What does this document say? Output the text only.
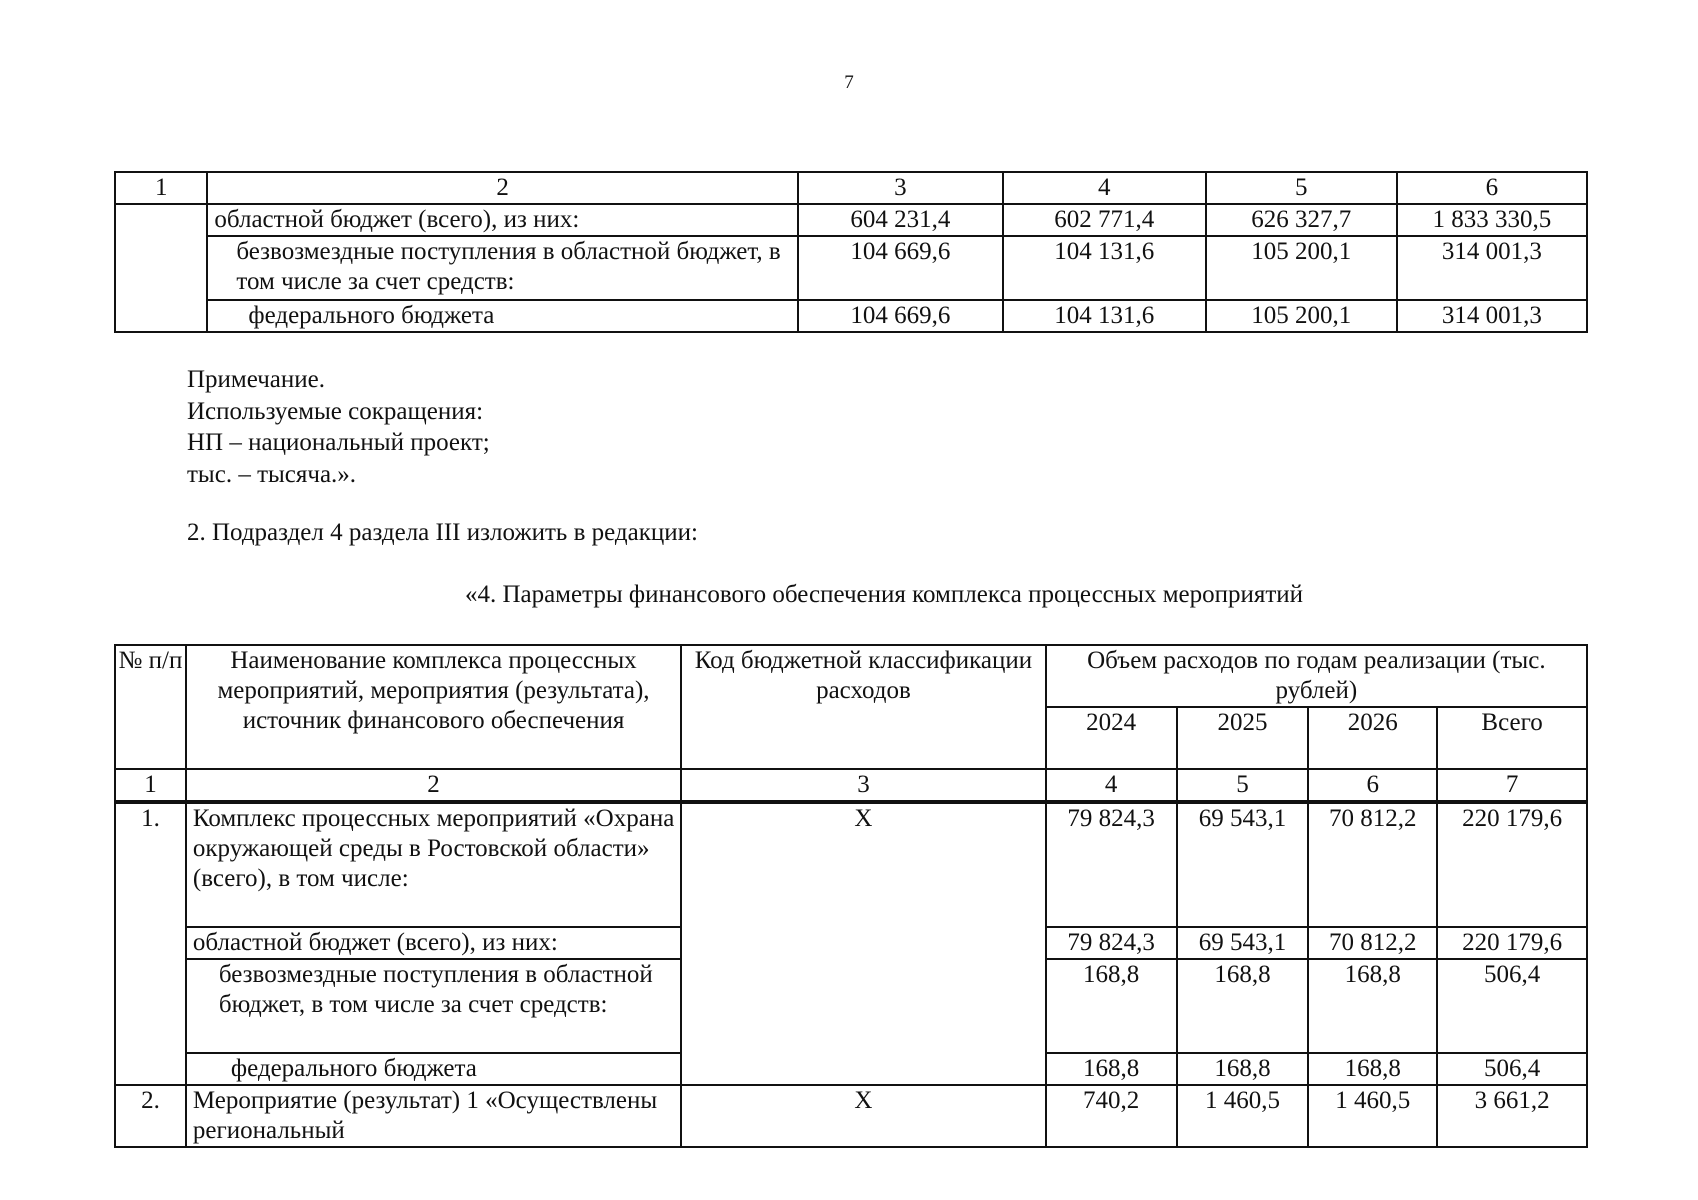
7
1	2	3	4	5	6
	областной бюджет (всего), из них:	604 231,4	602 771,4	626 327,7	1 833 330,5
	безвозмездные поступления в областной бюджет, в том числе за счет средств:	104 669,6	104 131,6	105 200,1	314 001,3
	федерального бюджета	104 669,6	104 131,6	105 200,1	314 001,3
Примечание.
Используемые сокращения:
НП – национальный проект;
тыс. – тысяча.».
2. Подраздел 4 раздела III изложить в редакции:
«4. Параметры финансового обеспечения комплекса процессных мероприятий
№ п/п	Наименование комплекса процессных мероприятий, мероприятия (результата), источник финансового обеспечения	Код бюджетной классификации расходов	Объем расходов по годам реализации (тыс. рублей)			
			2024	2025	2026	Всего
1	2	3	4	5	6	7
1.	Комплекс процессных мероприятий «Охрана окружающей среды в Ростовской области» (всего), в том числе:	Х	79 824,3	69 543,1	70 812,2	220 179,6
	областной бюджет (всего), из них:		79 824,3	69 543,1	70 812,2	220 179,6
	безвозмездные поступления в областной бюджет, в том числе за счет средств:		168,8	168,8	168,8	506,4
	федерального бюджета		168,8	168,8	168,8	506,4
2.	Мероприятие (результат) 1 «Осуществлены региональный	Х	740,2	1 460,5	1 460,5	3 661,2
